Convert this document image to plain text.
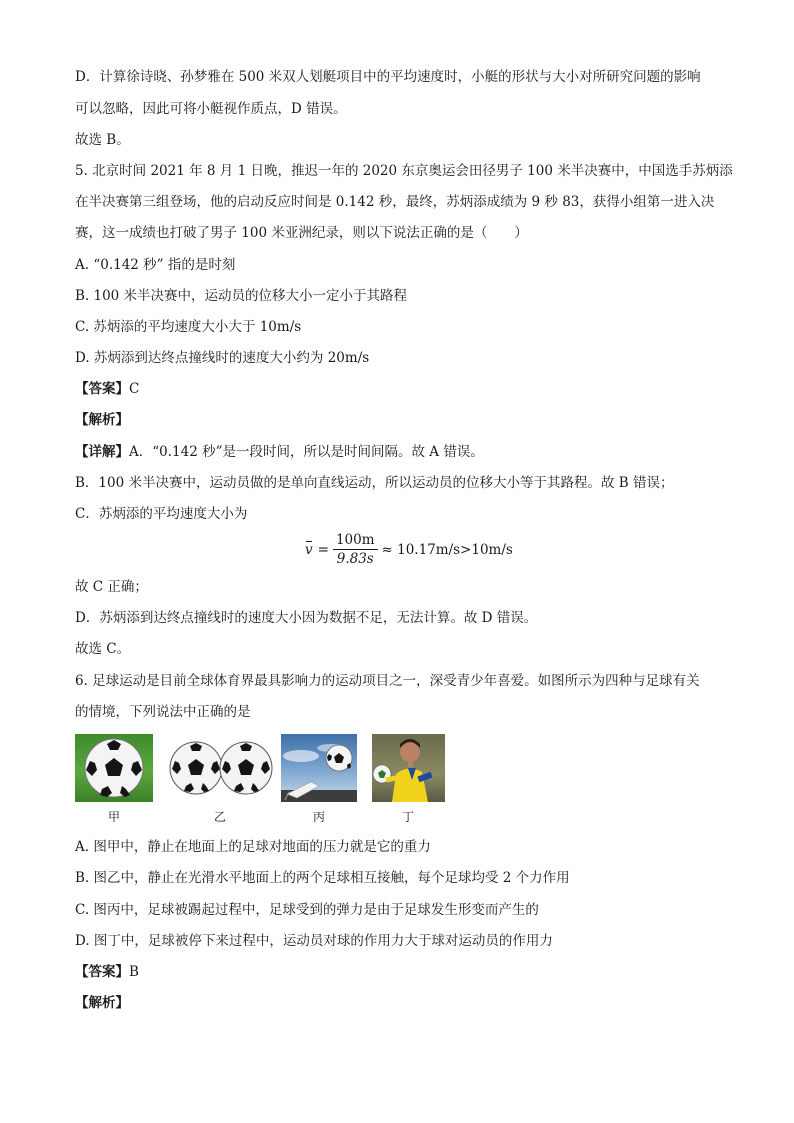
D．计算徐诗晓、孙梦雅在 500 米双人划艇项目中的平均速度时，小艇的形状与大小对所研究问题的影响
可以忽略，因此可将小艇视作质点，D 错误。
故选 B。
5. 北京时间 2021 年 8 月 1 日晚，推迟一年的 2020 东京奥运会田径男子 100 米半决赛中，中国选手苏炳添
在半决赛第三组登场，他的启动反应时间是 0.142 秒，最终，苏炳添成绩为 9 秒 83，获得小组第一进入决
赛，这一成绩也打破了男子 100 米亚洲纪录，则以下说法正确的是（　　）
A. “0.142 秒” 指的是时刻
B. 100 米半决赛中，运动员的位移大小一定小于其路程
C. 苏炳添的平均速度大小大于 10m/s
D. 苏炳添到达终点撞线时的速度大小约为 20m/s
【答案】C
【解析】
【详解】A．“0.142 秒”是一段时间，所以是时间间隔。故 A 错误。
B．100 米半决赛中，运动员做的是单向直线运动，所以运动员的位移大小等于其路程。故 B 错误；
C．苏炳添的平均速度大小为
$v = \frac{100m}{9.83s} \approx 10.17m/s>10m/s$
故 C 正确；
D．苏炳添到达终点撞线时的速度大小因为数据不足，无法计算。故 D 错误。
故选 C。
6. 足球运动是目前全球体育界最具影响力的运动项目之一，深受青少年喜爱。如图所示为四种与足球有关
的情境，下列说法中正确的是
甲	乙	丙	丁
A. 图甲中，静止在地面上的足球对地面的压力就是它的重力
B. 图乙中，静止在光滑水平地面上的两个足球相互接触，每个足球均受 2 个力作用
C. 图丙中，足球被踢起过程中，足球受到的弹力是由于足球发生形变而产生的
D. 图丁中，足球被停下来过程中，运动员对球的作用力大于球对运动员的作用力
【答案】B
【解析】
